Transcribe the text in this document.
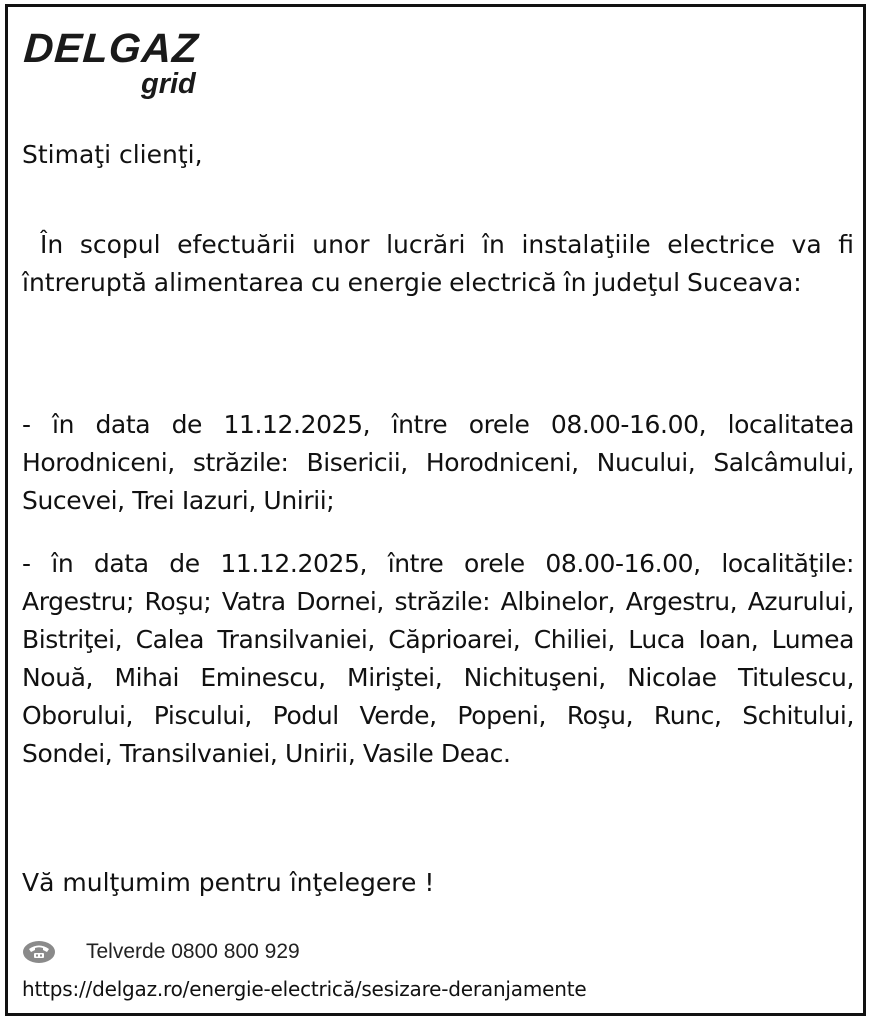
DELGAZ
grid
Stimaţi clienţi,
În scopul efectuării unor lucrări în instalaţiile electrice va fi întreruptă alimentarea cu energie electrică în judeţul Suceava:
- în data de 11.12.2025, între orele 08.00-16.00, localitatea Horodniceni, străzile: Bisericii, Horodniceni, Nucului, Salcâmului, Sucevei, Trei Iazuri, Unirii;
- în data de 11.12.2025, între orele 08.00-16.00, localităţile: Argestru; Roşu; Vatra Dornei, străzile: Albinelor, Argestru, Azurului, Bistriţei, Calea Transilvaniei, Căprioarei, Chiliei, Luca Ioan, Lumea Nouă, Mihai Eminescu, Miriştei, Nichituşeni, Nicolae Titulescu, Oborului, Piscului, Podul Verde, Popeni, Roşu, Runc, Schitului, Sondei, Transilvaniei, Unirii, Vasile Deac.
Vă mulţumim pentru înţelegere !
Telverde 0800 800 929
https://delgaz.ro/energie-electrică/sesizare-deranjamente
